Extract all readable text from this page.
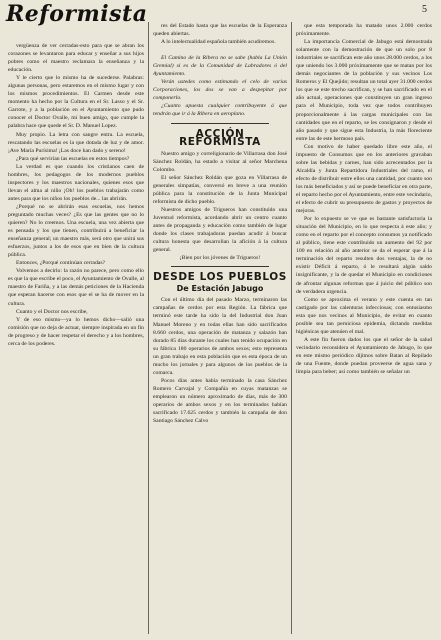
Reformista	5

vergüenza de ver cerradas-esto para que se abran los corazones se levantaron para educar y enseñar a sus hijos pobres como el maestro reclamara la enseñanza y la educación.

Y le cierto que lo mismo ha de sucederse. Palabras: algunas personas, pero estaremos en el mismo lugar y con los mismos procedimientos. El Carmen desde este momento ha hecho por la Cultura en el Sr. Lasso y el Sr. Garrote, y a la población en el Ayuntamiento que pudo conocer el Doctor Ovalle, mi buen amigo, que cumple la palabra hace que quede el Sr. D. Manuel Lopez.

Muy propio. La letra con sangre entra. La escuela, rescatando las escuelas es la que dotada de luz y de amor. ¡Ave María Purísima! ¡Las doce han dado y sereno!

¿Para qué servirían las escuelas en estos tiempos?

La verdad es que cuando los cristianos caen de hombres, los pedagogos de los modernos pueblos inspectores y los maestros nacionales, quienes esos que llevan el alma al niño ¡Oh! los pueblos trabajarán como antes para que los niños los pueblos de... las abrirán.

¿Porqué no se abrirán esas escuelas, nos hemos preguntado muchas veces? ¿Es que las gentes que no lo quieren? No lo creemos. Una escuela, una vez abierta que es pensada y los que tienen, contribuirá a beneficiar la enseñanza general; un maestro más, será otro que unirá sus esfuerzos, juntos a los de esos que en bien de la cultura pública.

Entonces, ¿Porqué continúan cerradas?

Volvemos a decirlo: la razón no parece, pero como ello es que la que escribe el poco, el Ayuntamiento de Ovalle, al maestro de Fariña, y a las demás peticiones de la Hacienda que esperan hacerse con esos que el se ha de mover en la cultura.

Cuanto y el Doctor nos escribe,

Y de eso mismo—ya lo hemos dicho—salió una comisión que no deja de actuar, siempre inspirada en un fin de progreso y de hacer respetar el derecho y a los hombres, cerca de los poderes.

res del Estado hasta que las escuelas de la Esperanza queden abiertas.

A lo intelectualidad española también acudiremos.

El Camino de la Ribera no se sabe (habla La Unión Gremial) si es de la Comunidad de Labradores ó del Ayuntamiento.

Verán ustedes como estimando el celo de varias Corporaciones, los dos se van a despepitar por componerlo.

¿Cuanto apuesta cualquier contribuyente á que tendrán que ir á la Ribera en aeroplano.

ACCIÓN REFORMISTA

Nuestro amigo y correligionario de Villarrasa don José Sánchez Roldán, ha estado a visitar al señor Marchena Colombo.

El señor Sánchez Roldán que goza en Villarrasa de generales simpatías, conversó en breve a una reunión pública para la constitución de la Junta Municipal reformista de dicho pueblo.

Nuestros amigos de Trigueros han constituido una Juventud reformista, acordando abrir un centro cuanto antes de propaganda y educación como también de lugar donde los clases trabajadoras puedan acudir á buscar cultura honesta que desarrollan la afición á la cultura general.

¡Bien por los jóvenes de Trigueros!

DESDE LOS PUEBLOS
De Estación Jabugo

Con el último día del pasado Marzo, terminaron las campañas de cerdos por esta Región. La fábrica que terminó este tarde ha sido la del Industrial don Juan Manuel Moreno y en todas ellas han sido sacrificados 8.660 cerdos, una operación de matanza y salazón han durado 85 días durante los cuales han tenido ocupación en su fábrica 180 operarios de ambos sexos; esto representa un gran trabajo en esta población que es esta época de un mucho los jornales y para algunos de los pueblos de la comarca.

Pocos días antes había terminado la casa Sánchez Romero Carvajal y Compañía en cuyas matanzas se emplearon un número aproximado de días, más de 300 operarios de ambos sexos y en los terminados habían sacrificado 17.625 cerdos y también la campaña de don Santiago Sánchez Calvo

que esta temporada ha matado unos 2.000 cerdos próximamente.

La importancia Comercial de Jabugo está demostrada solamente con la demostración de que un solo por 8 industriales se sacrifican este año unos 28.000 cerdos, a los que uniendo los 3.000 próximamente que se matan por los demás negociantes de la población y sus vecinos Los Romeros y El Quejido; resultan un total ayer 31.000 cerdos los que se este trecho sacrifican, y se han sacrificado en el año actual, operaciones que constituyen un gran ingreso para el Municipio, toda vez que todos contribuyen proporcionalmente á las cargas municipales con las cantidades que en el reparto, se les consignaron y desde el año pasado y que sigue esta Industria, la más floreciente entre las de este hermoso país.

Con motivo de haber quedado libre este año, el impuesto de Consumos que en los anteriores gravaban sobre las bebidas y carnes, han sido acrecentados por la Alcaldía y Junta Repartidora Industriales del ramo, el efecto de distribuir entre ellos una cantidad, por cuanto son los más beneficiados y así se puede beneficiar en otra parte, el reparto hecho por el Ayuntamiento, entre este vecindario, el efecto de cubrir su presupuesto de gastos y proyectos de mejoras.

Por lo expuesto se ve que es bastante satisfactoria la situación del Municipio, en lo que respecta á este año; y como en el reparto por el concepto consumos ya notificado al público, tiene este contribuido un aumento del 92 por 100 en relación al año anterior se da el esperar que á la terminación del reparto resulten dos ventajas, la de no existir Déficit á reparto, ó le resultará algún saldo insignificante, y la de quedar el Municipio en condiciones de afrontar algunas reformas que á juicio del público son de verdadera urgencia.

Como se aproxima el verano y este cuenta en tan castigado por las calenturas infecciosas; con entusiasmo esta que nos vecinos al Municipio, de evitar en cuanto posible sea tan perniciosa epidemia, dictando medidas higiénicas que atenúen el mal.

A este fin fueron dados los que el señor de la salud vecindario reconsidera el Ayuntamiento de Jabugo, lo que en este mismo periódico dijimos sobre Batan al Repilado de una Fuente, donde puedan proveerse de agua sana y limpia para beber; así como también se señalar un
